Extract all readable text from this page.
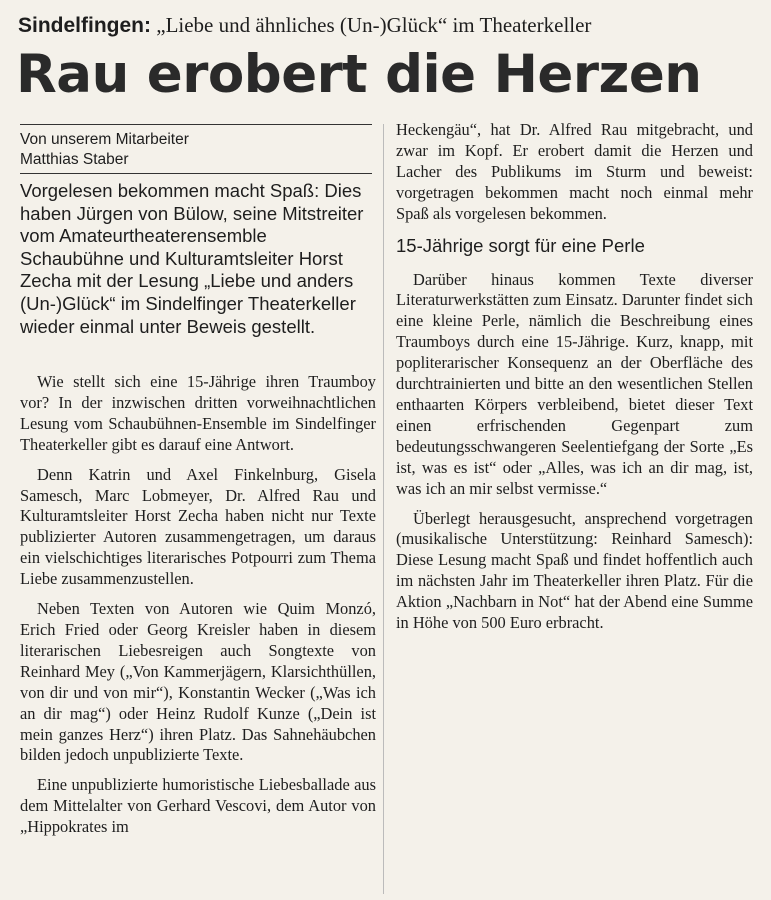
Sindelfingen: „Liebe und ähnliches (Un-)Glück“ im Theaterkeller
Rau erobert die Herzen
Von unserem Mitarbeiter
Matthias Staber
Vorgelesen bekommen macht Spaß: Dies haben Jürgen von Bülow, seine Mitstreiter vom Amateurtheaterensemble Schaubühne und Kulturamtsleiter Horst Zecha mit der Lesung „Liebe und anders (Un-)Glück“ im Sindelfinger Theaterkeller wieder einmal unter Beweis gestellt.

Wie stellt sich eine 15-Jährige ihren Traumboy vor? In der inzwischen dritten vorweihnachtlichen Lesung vom Schaubühnen-Ensemble im Sindelfinger Theaterkeller gibt es darauf eine Antwort.

Denn Katrin und Axel Finkelnburg, Gisela Samesch, Marc Lobmeyer, Dr. Alfred Rau und Kulturamtsleiter Horst Zecha haben nicht nur Texte publizierter Autoren zusammengetragen, um daraus ein vielschichtiges literarisches Potpourri zum Thema Liebe zusammenzustellen.

Neben Texten von Autoren wie Quim Monzó, Erich Fried oder Georg Kreisler haben in diesem literarischen Liebesreigen auch Songtexte von Reinhard Mey („Von Kammerjägern, Klarsichthüllen, von dir und von mir“), Konstantin Wecker („Was ich an dir mag“) oder Heinz Rudolf Kunze („Dein ist mein ganzes Herz“) ihren Platz. Das Sahnehäubchen bilden jedoch unpublizierte Texte.

Eine unpublizierte humoristische Liebesballade aus dem Mittelalter von Gerhard Vescovi, dem Autor von „Hippokrates im

Heckengäu“, hat Dr. Alfred Rau mitgebracht, und zwar im Kopf. Er erobert damit die Herzen und Lacher des Publikums im Sturm und beweist: vorgetragen bekommen macht noch einmal mehr Spaß als vorgelesen bekommen.

15-Jährige sorgt für eine Perle

Darüber hinaus kommen Texte diverser Literaturwerkstätten zum Einsatz. Darunter findet sich eine kleine Perle, nämlich die Beschreibung eines Traumboys durch eine 15-Jährige. Kurz, knapp, mit popliterarischer Konsequenz an der Oberfläche des durchtrainierten und bitte an den wesentlichen Stellen enthaarten Körpers verbleibend, bietet dieser Text einen erfrischenden Gegenpart zum bedeutungsschwangeren Seelentiefgang der Sorte „Es ist, was es ist“ oder „Alles, was ich an dir mag, ist, was ich an mir selbst vermisse.“

Überlegt herausgesucht, ansprechend vorgetragen (musikalische Unterstützung: Reinhard Samesch): Diese Lesung macht Spaß und findet hoffentlich auch im nächsten Jahr im Theaterkeller ihren Platz. Für die Aktion „Nachbarn in Not“ hat der Abend eine Summe in Höhe von 500 Euro erbracht.
